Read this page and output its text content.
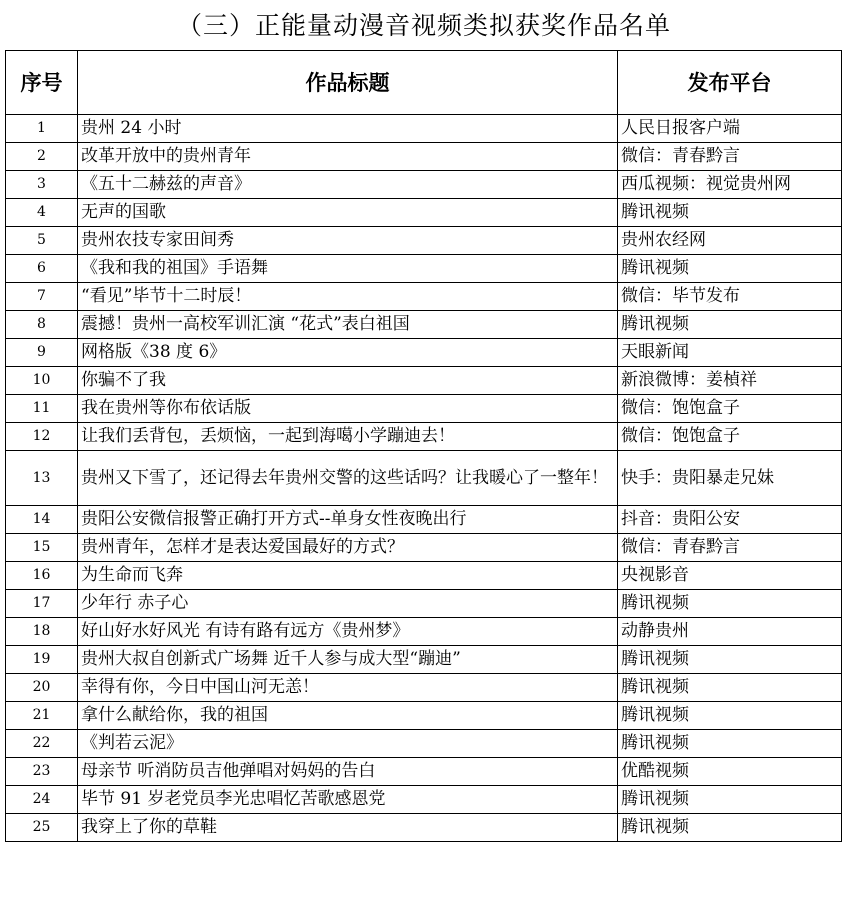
（三）正能量动漫音视频类拟获奖作品名单
序号	作品标题	发布平台
1	贵州 24 小时	人民日报客户端
2	改革开放中的贵州青年	微信：青春黔言
3	《五十二赫兹的声音》	西瓜视频：视觉贵州网
4	无声的国歌	腾讯视频
5	贵州农技专家田间秀	贵州农经网
6	《我和我的祖国》手语舞	腾讯视频
7	“看见”毕节十二时辰！	微信：毕节发布
8	震撼！贵州一高校军训汇演 “花式”表白祖国	腾讯视频
9	网格版《38 度 6》	天眼新闻
10	你骗不了我	新浪微博：姜楨祥
11	我在贵州等你布依话版	微信：饱饱盒子
12	让我们丢背包，丢烦恼，一起到海噶小学蹦迪去！	微信：饱饱盒子
13	贵州又下雪了，还记得去年贵州交警的这些话吗？让我暖心了一整年！	快手：贵阳暴走兄妹
14	贵阳公安微信报警正确打开方式--单身女性夜晚出行	抖音：贵阳公安
15	贵州青年，怎样才是表达爱国最好的方式？	微信：青春黔言
16	为生命而飞奔	央视影音
17	少年行 赤子心	腾讯视频
18	好山好水好风光 有诗有路有远方《贵州梦》	动静贵州
19	贵州大叔自创新式广场舞 近千人参与成大型“蹦迪”	腾讯视频
20	幸得有你，今日中国山河无恙！	腾讯视频
21	拿什么献给你，我的祖国	腾讯视频
22	《判若云泥》	腾讯视频
23	母亲节 听消防员吉他弹唱对妈妈的告白	优酷视频
24	毕节 91 岁老党员李光忠唱忆苦歌感恩党	腾讯视频
25	我穿上了你的草鞋	腾讯视频
